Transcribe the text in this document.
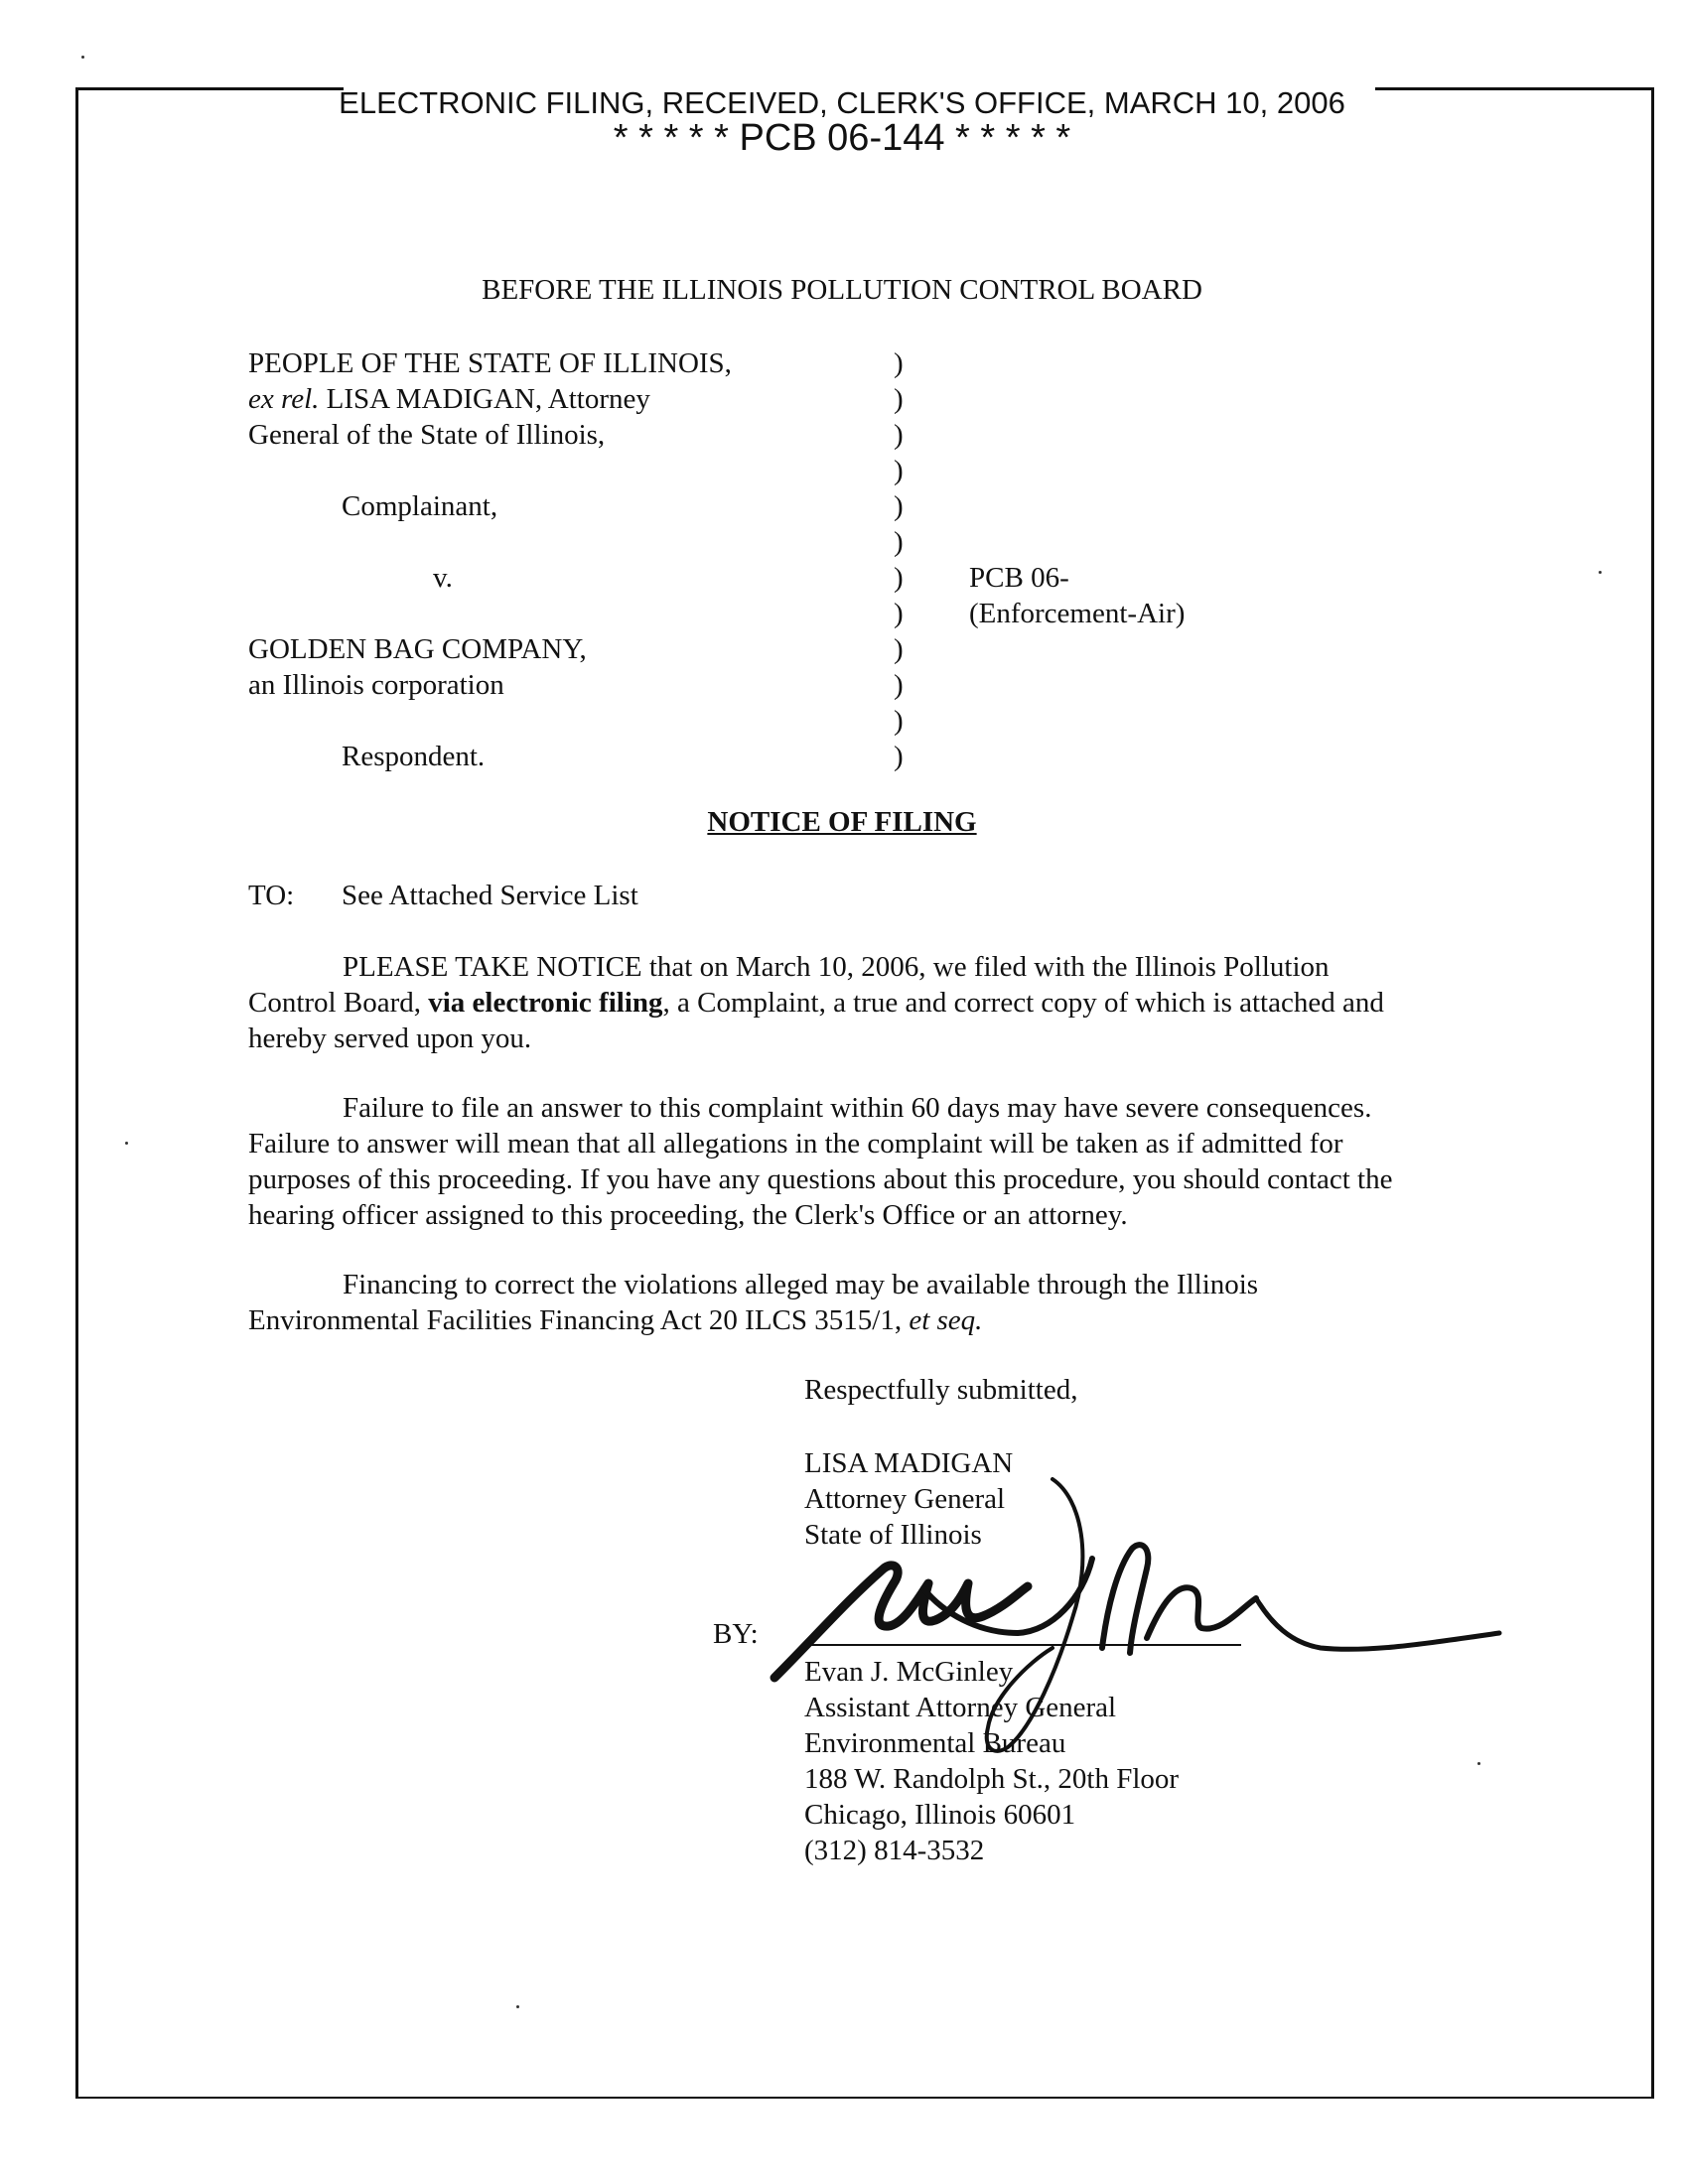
ELECTRONIC FILING, RECEIVED, CLERK'S OFFICE, MARCH 10, 2006
* * * * * PCB 06-144 * * * * *
BEFORE THE ILLINOIS POLLUTION CONTROL BOARD
PEOPLE OF THE STATE OF ILLINOIS,
ex rel. LISA MADIGAN, Attorney
General of the State of Illinois,
Complainant,
v.
GOLDEN BAG COMPANY,
an Illinois corporation
Respondent.
)
)
)
)
)
)
)
)
)
)
)
)
PCB 06-
(Enforcement-Air)
NOTICE OF FILING
TO: See Attached Service List
PLEASE TAKE NOTICE that on March 10, 2006, we filed with the Illinois Pollution Control Board, via electronic filing, a Complaint, a true and correct copy of which is attached and hereby served upon you.
Failure to file an answer to this complaint within 60 days may have severe consequences. Failure to answer will mean that all allegations in the complaint will be taken as if admitted for purposes of this proceeding. If you have any questions about this procedure, you should contact the hearing officer assigned to this proceeding, the Clerk's Office or an attorney.
Financing to correct the violations alleged may be available through the Illinois Environmental Facilities Financing Act 20 ILCS 3515/1, et seq.
Respectfully submitted,
LISA MADIGAN
Attorney General
State of Illinois
BY:
Evan J. McGinley
Assistant Attorney General
Environmental Bureau
188 W. Randolph St., 20th Floor
Chicago, Illinois 60601
(312) 814-3532
